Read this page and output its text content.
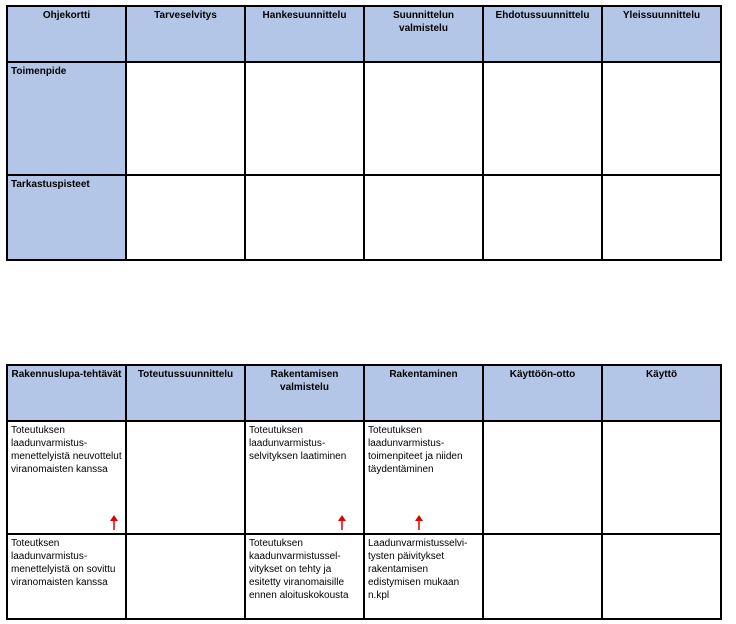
Ohjekortti	Tarveselvitys	Hankesuunnittelu	Suunnittelun valmistelu	Ehdotussuunnittelu	Yleissuunnittelu
Toimenpide					
Tarkastuspisteet					
Rakennuslupa-tehtävät	Toteutussuunnittelu	Rakentamisen valmistelu	Rakentaminen	Käyttöön-otto	Käyttö

Toteutuksen laadunvarmistus-menettelyistä neuvottelut viranomaisten kanssa		Toteutuksen laadunvarmistus-selvityksen laatiminen	Toteutuksen laadunvarmistus-toimenpiteet ja niiden täydentäminen		

Toteutksen laadunvarmistus-menettelyistä on sovittu viranomaisten kanssa		Toteutuksen kaadunvarmistussel-vitykset on tehty ja esitetty viranomaisille ennen aloituskokousta	Laadunvarmistusselvi-tysten päivitykset rakentamisen edistymisen mukaan n.kpl		
